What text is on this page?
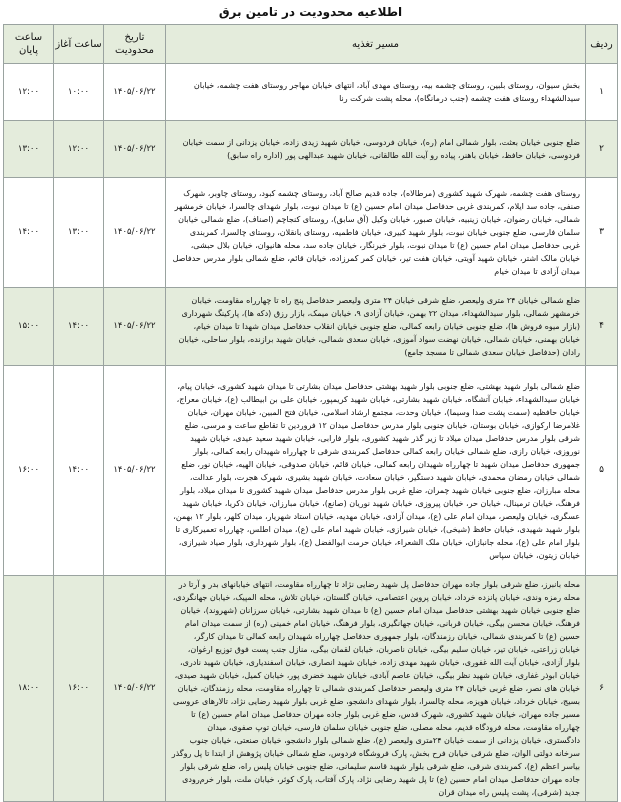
اطلاعیه محدودیت در تامین برق
ردیف	مسیر تغذیه	تاریخ محدودیت	ساعت آغاز	ساعت پایان
۱	بخش سیوان، روستای بلبین، روستای چشمه بیه، روستای مهدی آباد، انتهای خیابان مهاجر روستای هفت چشمه، خیابان سیدالشهداء روستای هفت چشمه (جنب درمانگاه)، محله پشت شرکت رنا	۱۴۰۵/۰۶/۲۲	۱۰:۰۰	۱۲:۰۰
۲	ضلع جنوبی خیابان بعثت، بلوار شمالی امام (ره)، خیابان فردوسی، خیابان شهید زیدی زاده، خیابان یزدانی از سمت خیابان فردوسی، خیابان حافظ، خیابان باهنر، پیاده رو آیت الله طالقانی، خیابان شهید عبدالهی پور (اداره راه سابق)	۱۴۰۵/۰۶/۲۲	۱۲:۰۰	۱۳:۰۰
۳	روستای هفت چشمه، شهرک شهید کشوری (مرطالاه)، جاده قدیم صالح آباد، روستای چشمه کبود، روستای چاوبر، شهرک صنفی، جاده سد ایلام، کمربندی غربی حدفاصل میدان امام حسین (ع) تا میدان نبوت، بلوار شهدای چالسرا، خیابان خرمشهر شمالی، خیابان رضوان، خیابان زینبیه، خیابان صبور، خیابان وکیل (آق سابق)، روستای کنجاچم (اصناف)، ضلع شمالی خیابان سلمان فارسی، ضلع جنوبی خیابان نبوت، بلوار شهید کبیری، خیابان فاطمیه، روستای بانقلان، روستای چالسرا، کمربندی غربی حدفاصل میدان امام حسین (ع) تا میدان نبوت، بلوار خیرنگار، خیابان جاده سد، محله هانیوان، خیابان بلال حبشی، خیابان مالک اشتر، خیابان شهید آویتی، خیابان هفت تیر، خیابان کمر کمرزاده، خیابان قائم، ضلع شمالی بلوار مدرس حدفاصل میدان آزادی تا میدان خیام	۱۴۰۵/۰۶/۲۲	۱۳:۰۰	۱۴:۰۰
۴	ضلع شمالی خیابان ۲۴ متری ولیعصر، ضلع شرقی خیابان ۲۴ متری ولیعصر حدفاصل پنج راه تا چهارراه مقاومت، خیابان خرمشهر شمالی، بلوار سیدالشهداء، میدان ۲۲ بهمن، خیابان آزادی ۹، خیابان میمک، بازار رزق (دکه ها)، پارکینگ شهرداری (بازار میوه فروش ها)، ضلع جنوبی خیابان رابعه کمالی، ضلع جنوبی خیابان انقلاب حدفاصل میدان شهدا تا میدان خیام، خیابان بهمنی، خیابان شمالی، خیابان نهضت سواد آموزی، خیابان سعدی شمالی، خیابان شهید برازنده، بلوار ساحلی، خیابان رادان (حدفاصل خیابان سعدی شمالی تا مسجد جامع)	۱۴۰۵/۰۶/۲۲	۱۴:۰۰	۱۵:۰۰
۵	ضلع شمالی بلوار شهید بهشتی، ضلع جنوبی بلوار شهید بهشتی حدفاصل میدان بشارتی تا میدان شهید کشوری، خیابان پیام، خیابان سیدالشهداء، خیابان آتشگاه، خیابان شهید بشارتی، خیابان شهید کریمپور، خیابان علی بن ابیطالب (ع)، خیابان معراج، خیابان حافظیه (سمت پشت صدا وسیما)، خیابان وحدت، مجتمع ارشاد اسلامی، خیابان فتح المبین، خیابان مهران، خیابان غلامرضا ارکوازی، خیابان بوستان، خیابان جنوبی بلوار مدرس حدفاصل میدان ۱۲ فروردین تا تقاطع ساعت و مرسی، ضلع شرقی بلوار مدرس حدفاصل میدان میلاد تا زیر گذر شهید کشوری، بلوار فارابی، خیابان شهید سعید عیدی، خیابان شهید نوروزی، خیابان رازی، ضلع شمالی خیابان رابعه کمالی حدفاصل کمربندی شرقی تا چهارراه شهیدان رابعه کمالی، بلوار جمهوری حدفاصل میدان شهید تا چهارراه شهیدان رابعه کمالی، خیابان قائم، خیابان صدوقی، خیابان الهیه، خیابان نور، ضلع شمالی خیابان رمضان محمدی، خیابان شهید دستگیر، خیابان سعادت، خیابان شهید بشیری، شهرک هجرت، بلوار عدالت، محله مبارزان، ضلع جنوبی خیابان شهید چمران، ضلع غربی بلوار مدرس حدفاصل میدان شهید کشوری تا میدان میلاد، بلوار فرهنگ، خیابان ترمینال، خیابان حر، خیابان پیروزی، خیابان شهید نوریان (صانع)، خیابان مبارزان، خیابان ذکریا، خیابان شهید عسگری، خیابان ولیعصر، میدان امام علی (ع)، میدان آزادی، خیابان مهدیه، خیابان استاد شهریار، میدان کلهر، بلوار ۱۲ بهمن، بلوار شهید شهیدی، خیابان حافظ (شیخی)، خیابان شیرازی، خیابان شهید امام علی (ع)، میدان اطلس، چهارراه تعمیرکاری تا بلوار امام علی (ع)، محله جانبازان، خیابان ملک الشعراء، خیابان حرمت ابوالفضل (ع)، بلوار شهرداری، بلوار صیاد شیرازی، خیابان زیتون، خیابان سپاس	۱۴۰۵/۰۶/۲۲	۱۴:۰۰	۱۶:۰۰
۶	محله بانبرز، ضلع شرقی بلوار جاده مهران حدفاصل پل شهید رضایی نژاد تا چهارراه مقاومت، انتهای خیابانهای بدر و آرتا در محله رمزه وندی، خیابان پانزده خرداد، خیابان پروین اعتصامی، خیابان گلستان، خیابان تلاش، محله المپیک، خیابان جهانگردی، ضلع جنوبی خیابان شهید بهشتی حدفاصل میدان امام حسین (ع) تا میدان شهید بشارتی، خیابان سرزانان (شهروند)، خیابان فرهنگ، خیابان محسن بیگی، خیابان قربانی، خیابان جهانگیری، بلوار فرهنگ، خیابان امام خمینی (ره) از سمت میدان امام حسین (ع) تا کمربندی شمالی، خیابان رزمندگان، بلوار جمهوری حدفاصل چهارراه شهیدان رابعه کمالی تا میدان کارگر، خیابان زراعتی، خیابان تیر، خیابان سلیم بیگی، خیابان ناصربان، خیابان لقمان بیگی، منازل جنب پست فوق توزیع ارغوان، بلوار آزادی، خیابان آیت الله غفوری، خیابان شهید مهدی زاده، خیابان شهید انصاری، خیابان اسفندیاری، خیابان شهید نادری، خیابان ابوذر غفاری، خیابان شهید نظر بیگی، خیابان عاصم آبادی، خیابان شهید خضری پور، خیابان کمیل، خیابان شهید صیدی، خیابان های نصر، ضلع غربی خیابان ۲۴ متری ولیعصر حدفاصل کمربندی شمالی تا چهارراه مقاومت، محله رزمندگان، خیابان بسیج، خیابان خرداد، خیابان هویزه، محله چالسرا، بلوار شهدای دانشجو، ضلع غربی بلوار شهید رضایی نژاد، تالارهای عروسی مسیر جاده مهران، خیابان شهید کشوری، شهرک قدس، ضلع غربی بلوار جاده مهران حدفاصل میدان امام حسین (ع) تا چهارراه مقاومت، محله فرودگاه قدیم، محله مصلی، ضلع جنوبی خیابان سلمان فارسی، خیابان توپ صفوی، میدان دادگستری، خیابان یزدانی از سمت خیابان ۲۴متری ولیعصر (ع)، ضلع شمالی بلوار دانشجو، خیابان صنعتی، خیابان جنوب سرخانه دولتی الوان، ضلع شرقی خیابان فرح بخش، پارک فروشگاه فردوس، ضلع شمالی خیابان پژوهش از ابتدا تا پل روگذر بیاسر اعظم (ع)، کمربندی شرقی، ضلع شرقی بلوار شهید قاسم سلیمانی، ضلع جنوبی خیابان پلیس راه، ضلع شرقی بلوار جاده مهران حدفاصل میدان امام حسین (ع) تا پل شهید رضایی نژاد، پارک آفتاب، پارک کوثر، خیابان ملت، بلوار خرم‌رودی جدید (شرقی)، پشت پلیس راه میدان قران	۱۴۰۵/۰۶/۲۲	۱۶:۰۰	۱۸:۰۰
